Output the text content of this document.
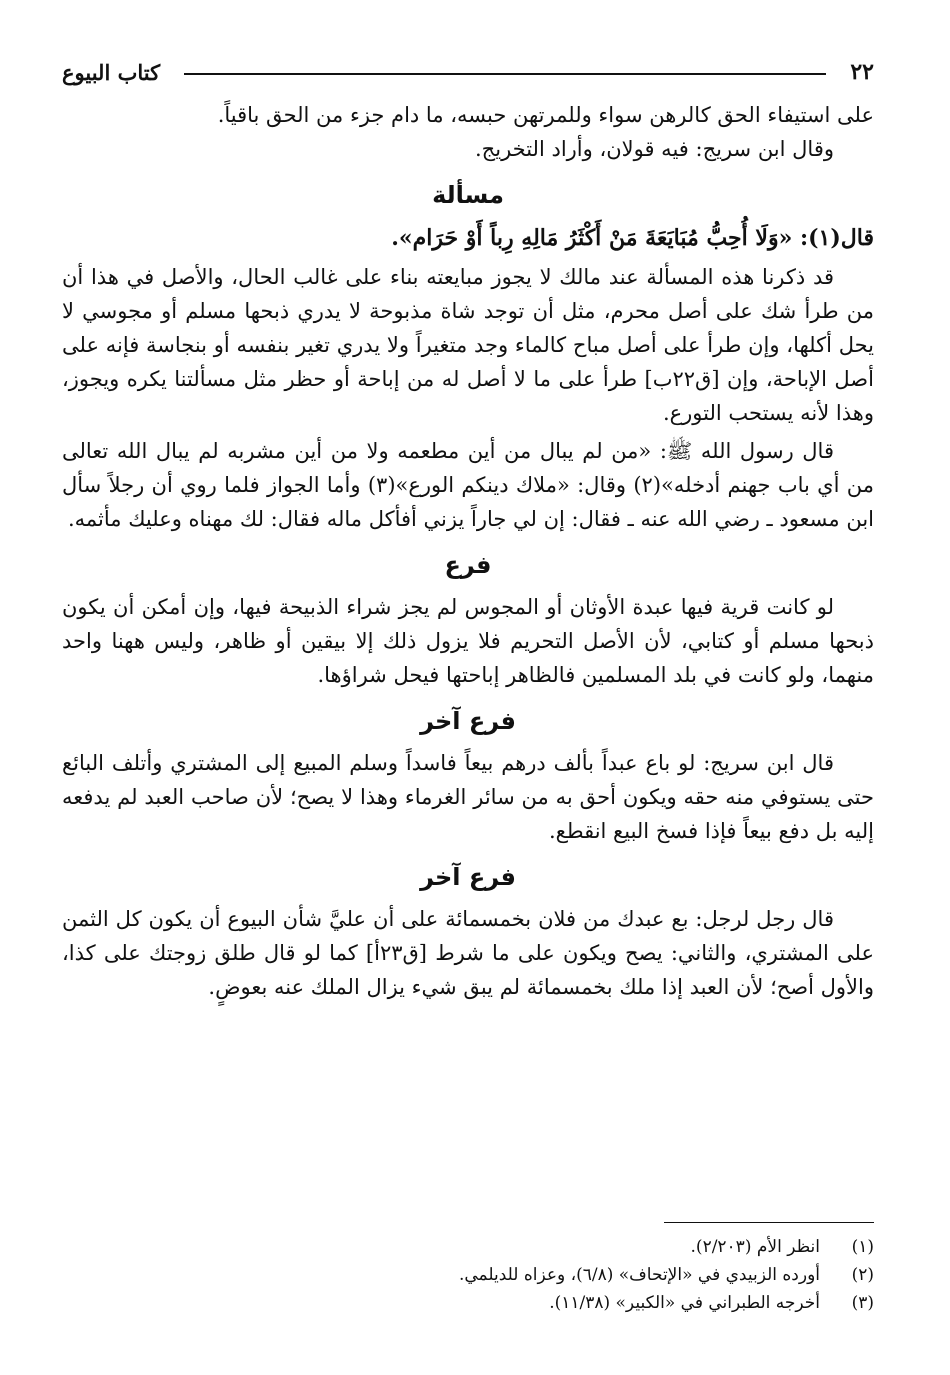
٢٢
كتاب البيوع

على استيفاء الحق كالرهن سواء وللمرتهن حبسه، ما دام جزء من الحق باقياً.

وقال ابن سريج: فيه قولان، وأراد التخريج.

مسألة

قال(١): «وَلَا أُحِبُّ مُبَايَعَةَ مَنْ أَكْثَرُ مَالِهِ رِباً أَوْ حَرَام».

قد ذكرنا هذه المسألة عند مالك لا يجوز مبايعته بناء على غالب الحال، والأصل في هذا أن من طرأ شك على أصل محرم، مثل أن توجد شاة مذبوحة لا يدري ذبحها مسلم أو مجوسي لا يحل أكلها، وإن طرأ على أصل مباح كالماء وجد متغيراً ولا يدري تغير بنفسه أو بنجاسة فإنه على أصل الإباحة، وإن [ق٢٢ب] طرأ على ما لا أصل له من إباحة أو حظر مثل مسألتنا يكره ويجوز، وهذا لأنه يستحب التورع.

قال رسول الله ﷺ: «من لم يبال من أين مطعمه ولا من أين مشربه لم يبال الله تعالى من أي باب جهنم أدخله»(٢) وقال: «ملاك دينكم الورع»(٣) وأما الجواز فلما روي أن رجلاً سأل ابن مسعود ـ رضي الله عنه ـ فقال: إن لي جاراً يزني أفأكل ماله فقال: لك مهناه وعليك مأثمه.

فرع

لو كانت قرية فيها عبدة الأوثان أو المجوس لم يجز شراء الذبيحة فيها، وإن أمكن أن يكون ذبحها مسلم أو كتابي، لأن الأصل التحريم فلا يزول ذلك إلا بيقين أو ظاهر، وليس ههنا واحد منهما، ولو كانت في بلد المسلمين فالظاهر إباحتها فيحل شراؤها.

فرع آخر

قال ابن سريج: لو باع عبداً بألف درهم بيعاً فاسداً وسلم المبيع إلى المشتري وأتلف البائع حتى يستوفي منه حقه ويكون أحق به من سائر الغرماء وهذا لا يصح؛ لأن صاحب العبد لم يدفعه إليه بل دفع بيعاً فإذا فسخ البيع انقطع.

فرع آخر

قال رجل لرجل: بع عبدك من فلان بخمسمائة على أن عليَّ شأن البيوع أن يكون كل الثمن على المشتري، والثاني: يصح ويكون على ما شرط [ق٢٣أ] كما لو قال طلق زوجتك على كذا، والأول أصح؛ لأن العبد إذا ملك بخمسمائة لم يبق شيء يزال الملك عنه بعوضٍ.

(١)
انظر الأم (٢/٢٠٣).
(٢)
أورده الزبيدي في «الإتحاف» (٦/٨)، وعزاه للديلمي.
(٣)
أخرجه الطبراني في «الكبير» (١١/٣٨).
